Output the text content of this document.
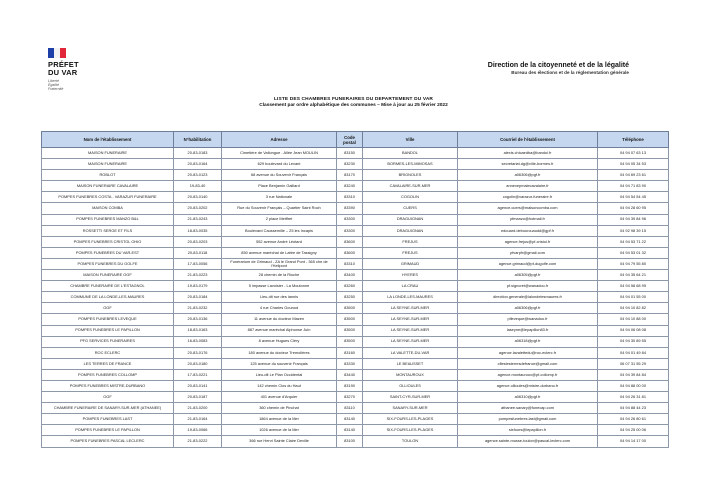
PRÉFET
DU VAR
Liberté
Égalité
Fraternité
Direction de la citoyenneté et de la légalité
Bureau des élections et de la réglementation générale
LISTE DES CHAMBRES FUNERAIRES DU DEPARTEMENT DU VAR
Classement par ordre alphabétique des communes – Mise à jour au 25 février 2022
Nom de l'établissement	N°habilitation	Adresse	Code postal	Ville	Courriel de l'établissement	Téléphone
MAISON FUNERAIRE	20-83-0183	Cimetière de Vallongue - Allée Jean MOULIN	83150	BANDOL	alexis.chicaedba@bandol.fr	04 94 07 63 13
MAISON FUNERAIRE	20-83-0164	629 boulevard du Levant	83230	BORMES-LES-MIMOSAS	secretariat.dg@ville-bormes.fr	04 94 05 34 53
ROBLOT	20-83-0123	68 avenue du Souvenir Français	83170	BRIGNOLES	a06306@pgf.fr	04 94 69 23 61
MAISON FUNERAIRE CAVALAIRE	19-83-40	Place Benjamin Gaillard	83240	CAVALAIRE-SUR-MER	annexepmaiecavalaire.fr	04 94 71 83 90
POMPES FUNEBRES COSTA - VARAZUR FUNERAIRE	20-83-0140	3 rue Nationale	83310	COGOLIN	cogolin@varazur-funeraire.fr	04 94 54 54 45
MAISON COMBA	20-83-0202	Rue du Souvenir Français – Quartier Saint Roch	83390	CUERS	agence.cuers@maisoncomba.com	04 94 28 60 95
POMPES FUNEBRES MANZO B&L	21-83-0243	2 place Meiffret	83300	DRAGUIGNAN	pfmanzo@hotmail.fr	04 94 39 84 96
ROSSETTI SERGE ET FILS	18-83-0035	Boulevard Caussemille – 25 les Incapis	83300	DRAGUIGNAN	edouard.debourcuaudd@gpf.fr	04 92 98 39 15
POMPES FUNEBRES CRISTOL OHIO	20-83-0203	552 avenue André Léotard	83600	FREJUS	agence.frejus@pf-cristol.fr	04 94 53 71 22
POMPES FUNEBRES DU VAR-EST	20-83-0118	850 avenue maréchal de Lattre de Tassigny	83600	FREJUS	pfvarpfr@gmail.com	04 94 53 01 32
POMPES FUNEBRES DU GOLFE	17-83-0056	Funérarium de Grimaud - ZA le Grand Pont - 365 che de l'Hellpont	83310	GRIMAUD	agence.grimaud@pf-dugolfe.com	04 94 79 55 80
MAISON FUNERAIRE OGF	21-83-0223	28 chemin de la Rioche	83400	HYERES	a06305@pgf.fr	04 94 35 64 21
CHAMBRE FUNERAIRE DE L'ESTAGNOL	19-83-0179	5 impasse Lavoisier - La Moutonne	83260	LA CRAU	pf.signoret@wanadoo.fr	04 94 58 68 95
COMMUNE DE LA LONDE-LES-MAURES	20-83-0184	Lieu-dit rue des lannis	83250	LA LONDE-LES-MAURES	direction.generale@lalondelesmaures.fr	04 94 01 55 00
OGF	21-83-0232	4 rue Charles Gounod	83500	LA SEYNE-SUR-MER	a06306@pgf.fr	04 94 10 82 82
POMPES FUNEBRES LEVEQUE	20-83-0136	11 avenue du docteur Mazen	83500	LA SEYNE-SUR-MER	pfleveque@wanadoo.fr	04 94 10 88 00
POMPES FUNEBRES LE PAPILLON	18-83-0163	887 avenue maréchal Alphonse Juin	83500	LA SEYNE-SUR-MER	laseyne@lepapillon83.fr	04 94 06 08 08
PFG SERVICES FUNERAIRES	16-83-0083	8 avenue Hugues Cléry	83500	LA SEYNE-SUR-MER	a06318@pgf.fr	04 94 30 89 55
ROC ECLERC	20-83-0176	180 avenue du docteur Tremolières	83160	LA VALETTE-DU-VAR	agence.lavalettedu@roc-eclerc.fr	04 94 01 49 84
LES TERRES DE FRANCE	20-83-0180	125 avenue du souvenir Français	83330	LE BEAUSSET	cfleslesterresdefrance@gmail.com	06 07 31 55 29
POMPES FUNEBRES COLLOMP	17-83-0221	Lieu-dit Le Plan Occidental	83440	MONTAUROUX	agence.montauroux@pf-collomp.fr	04 94 39 84 84
POMPES FUNEBRES MISTRE-DURBANO	20-83-0141	142 chemin Clos du Haut	83190	OLLIOULES	agence.ollioules@mistre-durbano.fr	04 94 88 00 00
OGF	20-83-0187	401 avenue d'Arquier	83270	SAINT-CYR-SUR-MER	a06310@pgf.fr	04 94 26 31 81
CHAMBRE FUNERAIRE DE SANARY-SUR-MER (ATHANEE)	21-83-0200	360 chemin de Pinchat	83110	SANARY-SUR-MER	athanee.sanary@funecap.com	04 94 88 44 23
POMPES FUNEBRES LAST	21-83-0164	1864 avenue de la Mer	83140	SIX-FOURS-LES-PLAGES	pompesfunebres.last@gmail.com	04 94 26 80 61
POMPES FUNEBRES LE PAPILLON	19-83-0066	1026 avenue de la Mer	83140	SIX-FOURS-LES-PLAGES	sixfours@lepapillon.fr	04 94 25 00 06
POMPES FUNEBRES PASCAL LECLERC	21-83-0222	366 rue Henri Sainte Claire Deville	83100	TOULON	agence.sainte-musse-toulon@pascal-leclerc.com	04 94 14 17 00
